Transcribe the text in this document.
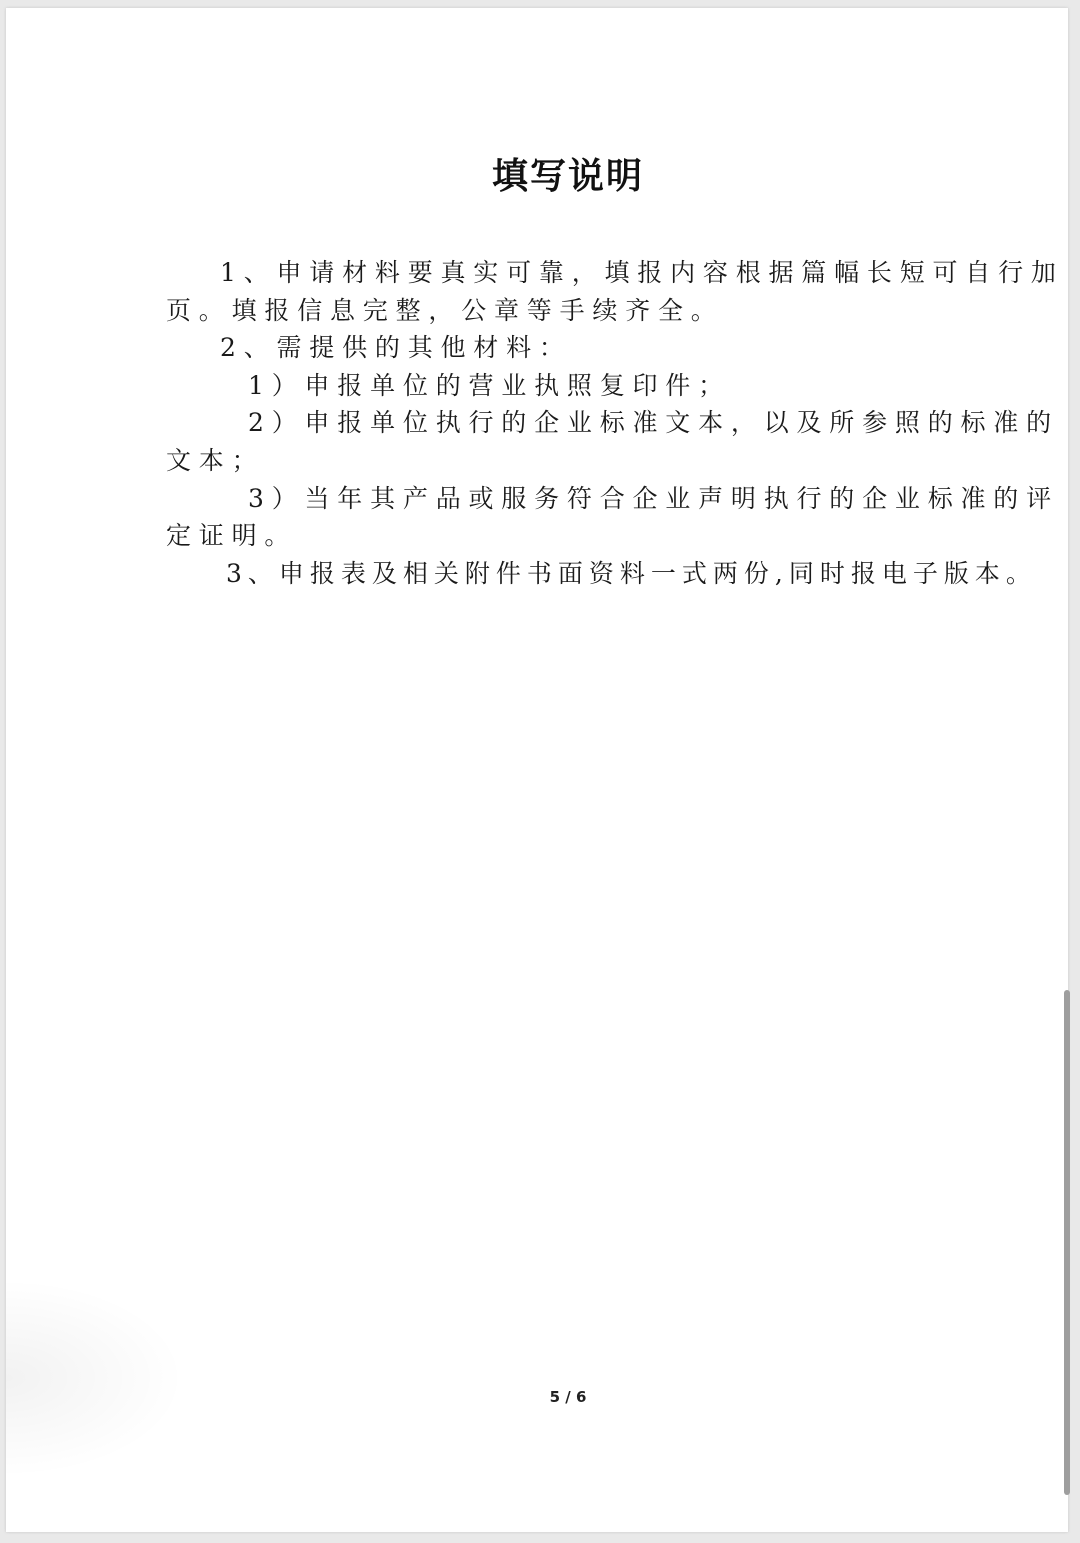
填写说明

1、申请材料要真实可靠，填报内容根据篇幅长短可自行加

页。填报信息完整，公章等手续齐全。

2、需提供的其他材料：

1）申报单位的营业执照复印件；

2）申报单位执行的企业标准文本，以及所参照的标准的

文本；

3）当年其产品或服务符合企业声明执行的企业标准的评

定证明。

3、申报表及相关附件书面资料一式两份,同时报电子版本。

5 / 6
